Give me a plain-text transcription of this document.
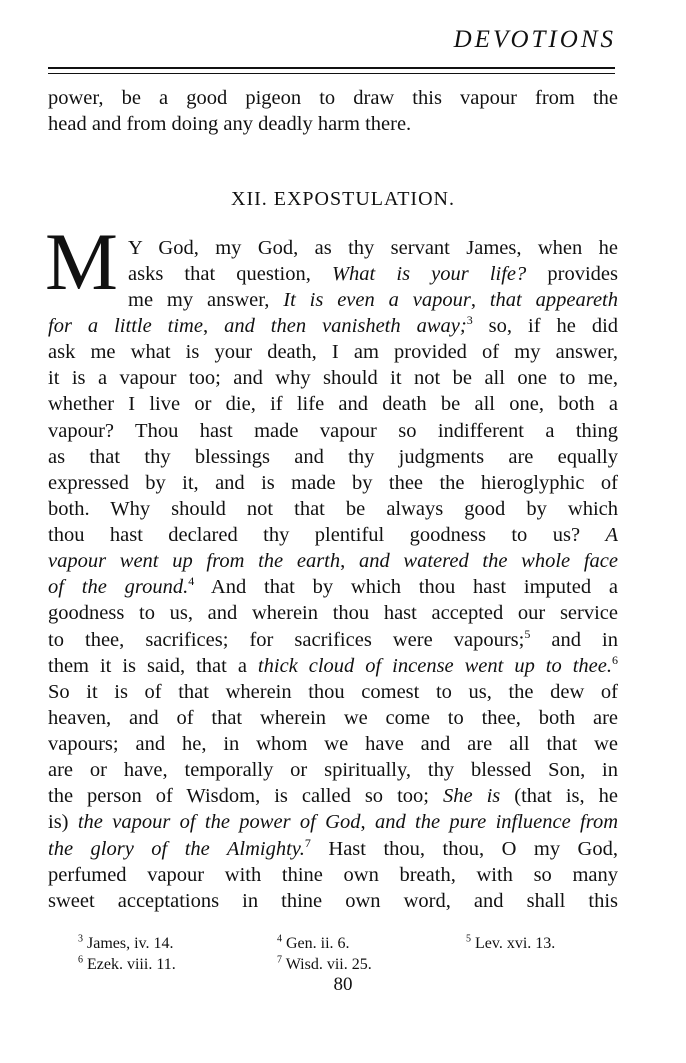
DEVOTIONS
power, be a good pigeon to draw this vapour from the
head and from doing any deadly harm there.
XII. EXPOSTULATION.
M Y God, my God, as thy servant James, when he
asks that question, What is your life? provides
me my answer, It is even a vapour, that appeareth
for a little time, and then vanisheth away;$^3$ so, if he did
ask me what is your death, I am provided of my answer,
it is a vapour too; and why should it not be all one to me,
whether I live or die, if life and death be all one, both a
vapour? Thou hast made vapour so indifferent a thing
as that thy blessings and thy judgments are equally
expressed by it, and is made by thee the hieroglyphic of
both. Why should not that be always good by which
thou hast declared thy plentiful goodness to us? A
vapour went up from the earth, and watered the whole face
of the ground.$^4$ And that by which thou hast imputed a
goodness to us, and wherein thou hast accepted our service
to thee, sacrifices; for sacrifices were vapours;$^5$ and in
them it is said, that a thick cloud of incense went up to thee.$^6$
So it is of that wherein thou comest to us, the dew of
heaven, and of that wherein we come to thee, both are
vapours; and he, in whom we have and are all that we
are or have, temporally or spiritually, thy blessed Son, in
the person of Wisdom, is called so too; She is (that is, he
is) the vapour of the power of God, and the pure influence from
the glory of the Almighty.$^7$ Hast thou, thou, O my God,
perfumed vapour with thine own breath, with so many
sweet acceptations in thine own word, and shall this
$^3$ James, iv. 14.	$^4$ Gen. ii. 6.	$^5$ Lev. xvi. 13.
$^6$ Ezek. viii. 11.	$^7$ Wisd. vii. 25.
80
